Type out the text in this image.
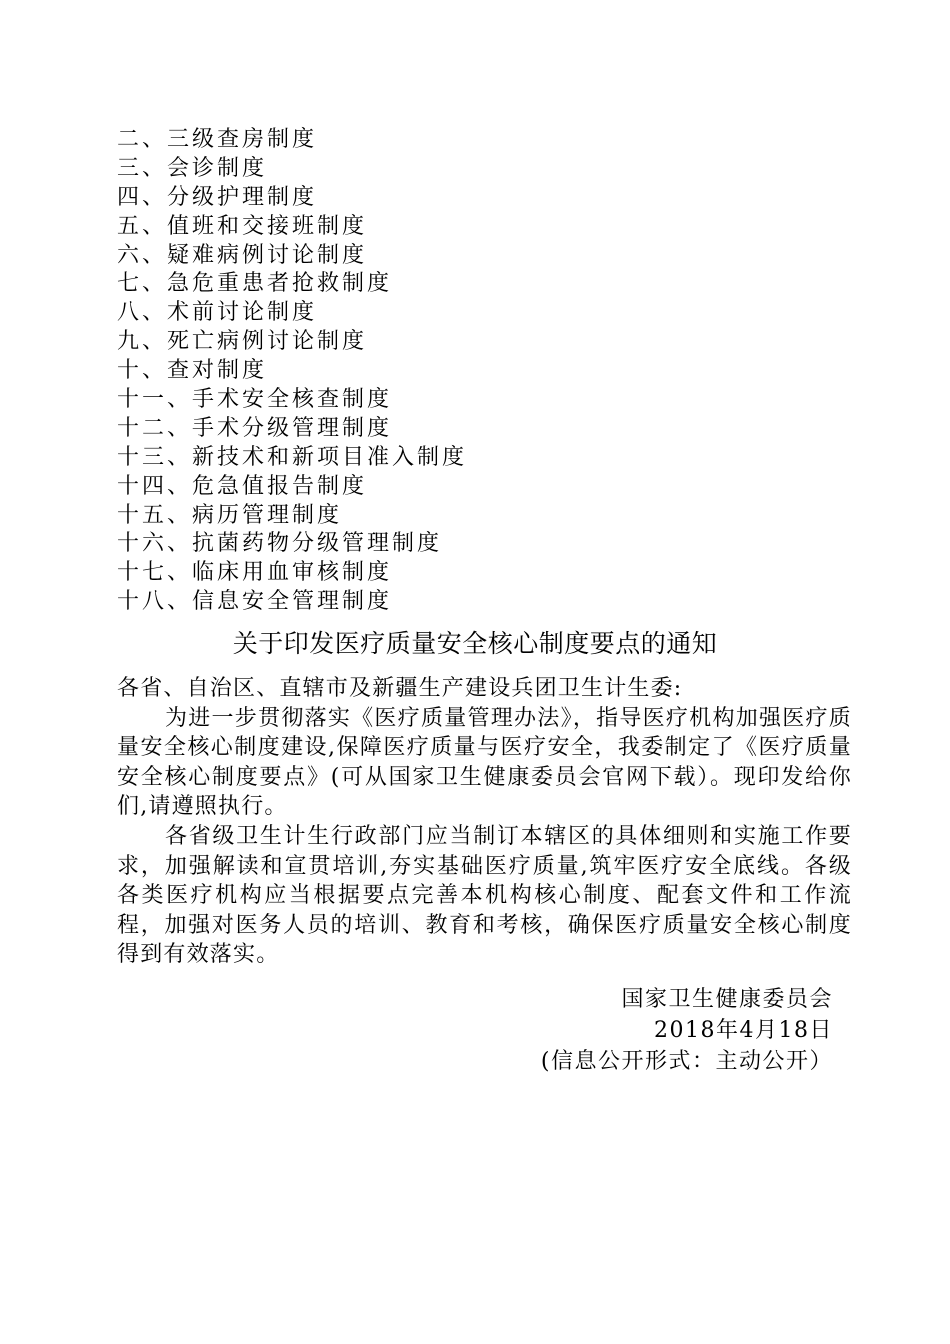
二、三级查房制度
三、会诊制度
四、分级护理制度
五、值班和交接班制度
六、疑难病例讨论制度
七、急危重患者抢救制度
八、术前讨论制度
九、死亡病例讨论制度
十、查对制度
十一、手术安全核查制度
十二、手术分级管理制度
十三、新技术和新项目准入制度
十四、危急值报告制度
十五、病历管理制度
十六、抗菌药物分级管理制度
十七、临床用血审核制度
十八、信息安全管理制度
关于印发医疗质量安全核心制度要点的通知

各省、自治区、直辖市及新疆生产建设兵团卫生计生委:

为进一步贯彻落实《医疗质量管理办法》，指导医疗机构加强医疗质量安全核心制度建设,保障医疗质量与医疗安全，我委制定了《医疗质量安全核心制度要点》(可从国家卫生健康委员会官网下载）。现印发给你们,请遵照执行。

各省级卫生计生行政部门应当制订本辖区的具体细则和实施工作要求，加强解读和宣贯培训,夯实基础医疗质量,筑牢医疗安全底线。各级各类医疗机构应当根据要点完善本机构核心制度、配套文件和工作流程，加强对医务人员的培训、教育和考核，确保医疗质量安全核心制度得到有效落实。

国家卫生健康委员会
2018年4月18日
(信息公开形式：主动公开）
